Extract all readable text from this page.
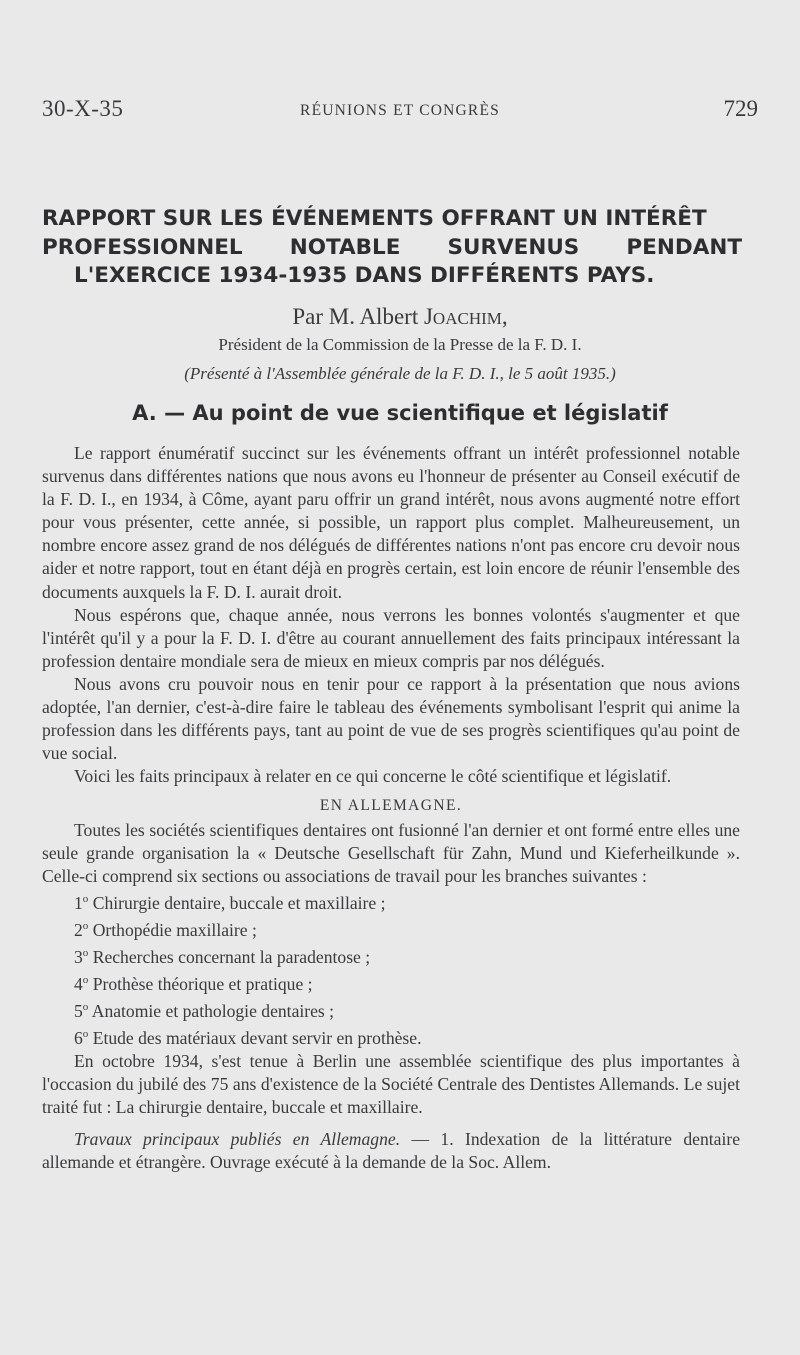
30-X-35	RÉUNIONS ET CONGRÈS	729
RAPPORT SUR LES ÉVÉNEMENTS OFFRANT UN INTÉRÊT
PROFESSIONNEL NOTABLE SURVENUS PENDANT
L'EXERCICE 1934-1935 DANS DIFFÉRENTS PAYS.
Par M. Albert JOACHIM,
Président de la Commission de la Presse de la F. D. I.
(Présenté à l'Assemblée générale de la F. D. I., le 5 août 1935.)
A. — Au point de vue scientifique et législatif

Le rapport énumératif succinct sur les événements offrant un intérêt professionnel notable survenus dans différentes nations que nous avons eu l'honneur de présenter au Conseil exécutif de la F. D. I., en 1934, à Côme, ayant paru offrir un grand intérêt, nous avons augmenté notre effort pour vous présenter, cette année, si possible, un rapport plus complet. Malheureusement, un nombre encore assez grand de nos délégués de différentes nations n'ont pas encore cru devoir nous aider et notre rapport, tout en étant déjà en progrès certain, est loin encore de réunir l'ensemble des documents auxquels la F. D. I. aurait droit.

Nous espérons que, chaque année, nous verrons les bonnes volontés s'augmenter et que l'intérêt qu'il y a pour la F. D. I. d'être au courant annuellement des faits principaux intéressant la profession dentaire mondiale sera de mieux en mieux compris par nos délégués.

Nous avons cru pouvoir nous en tenir pour ce rapport à la présentation que nous avions adoptée, l'an dernier, c'est-à-dire faire le tableau des événements symbolisant l'esprit qui anime la profession dans les différents pays, tant au point de vue de ses progrès scientifiques qu'au point de vue social.

Voici les faits principaux à relater en ce qui concerne le côté scientifique et législatif.

EN ALLEMAGNE.

Toutes les sociétés scientifiques dentaires ont fusionné l'an dernier et ont formé entre elles une seule grande organisation la « Deutsche Gesellschaft für Zahn, Mund und Kieferheilkunde ». Celle-ci comprend six sections ou associations de travail pour les branches suivantes :

1$^o$ Chirurgie dentaire, buccale et maxillaire ;
2$^o$ Orthopédie maxillaire ;
3$^o$ Recherches concernant la paradentose ;
4$^o$ Prothèse théorique et pratique ;
5$^o$ Anatomie et pathologie dentaires ;
6$^o$ Etude des matériaux devant servir en prothèse.

En octobre 1934, s'est tenue à Berlin une assemblée scientifique des plus importantes à l'occasion du jubilé des 75 ans d'existence de la Société Centrale des Dentistes Allemands. Le sujet traité fut : La chirurgie dentaire, buccale et maxillaire.

Travaux principaux publiés en Allemagne. — 1. Indexation de la littérature dentaire allemande et étrangère. Ouvrage exécuté à la demande de la Soc. Allem.
